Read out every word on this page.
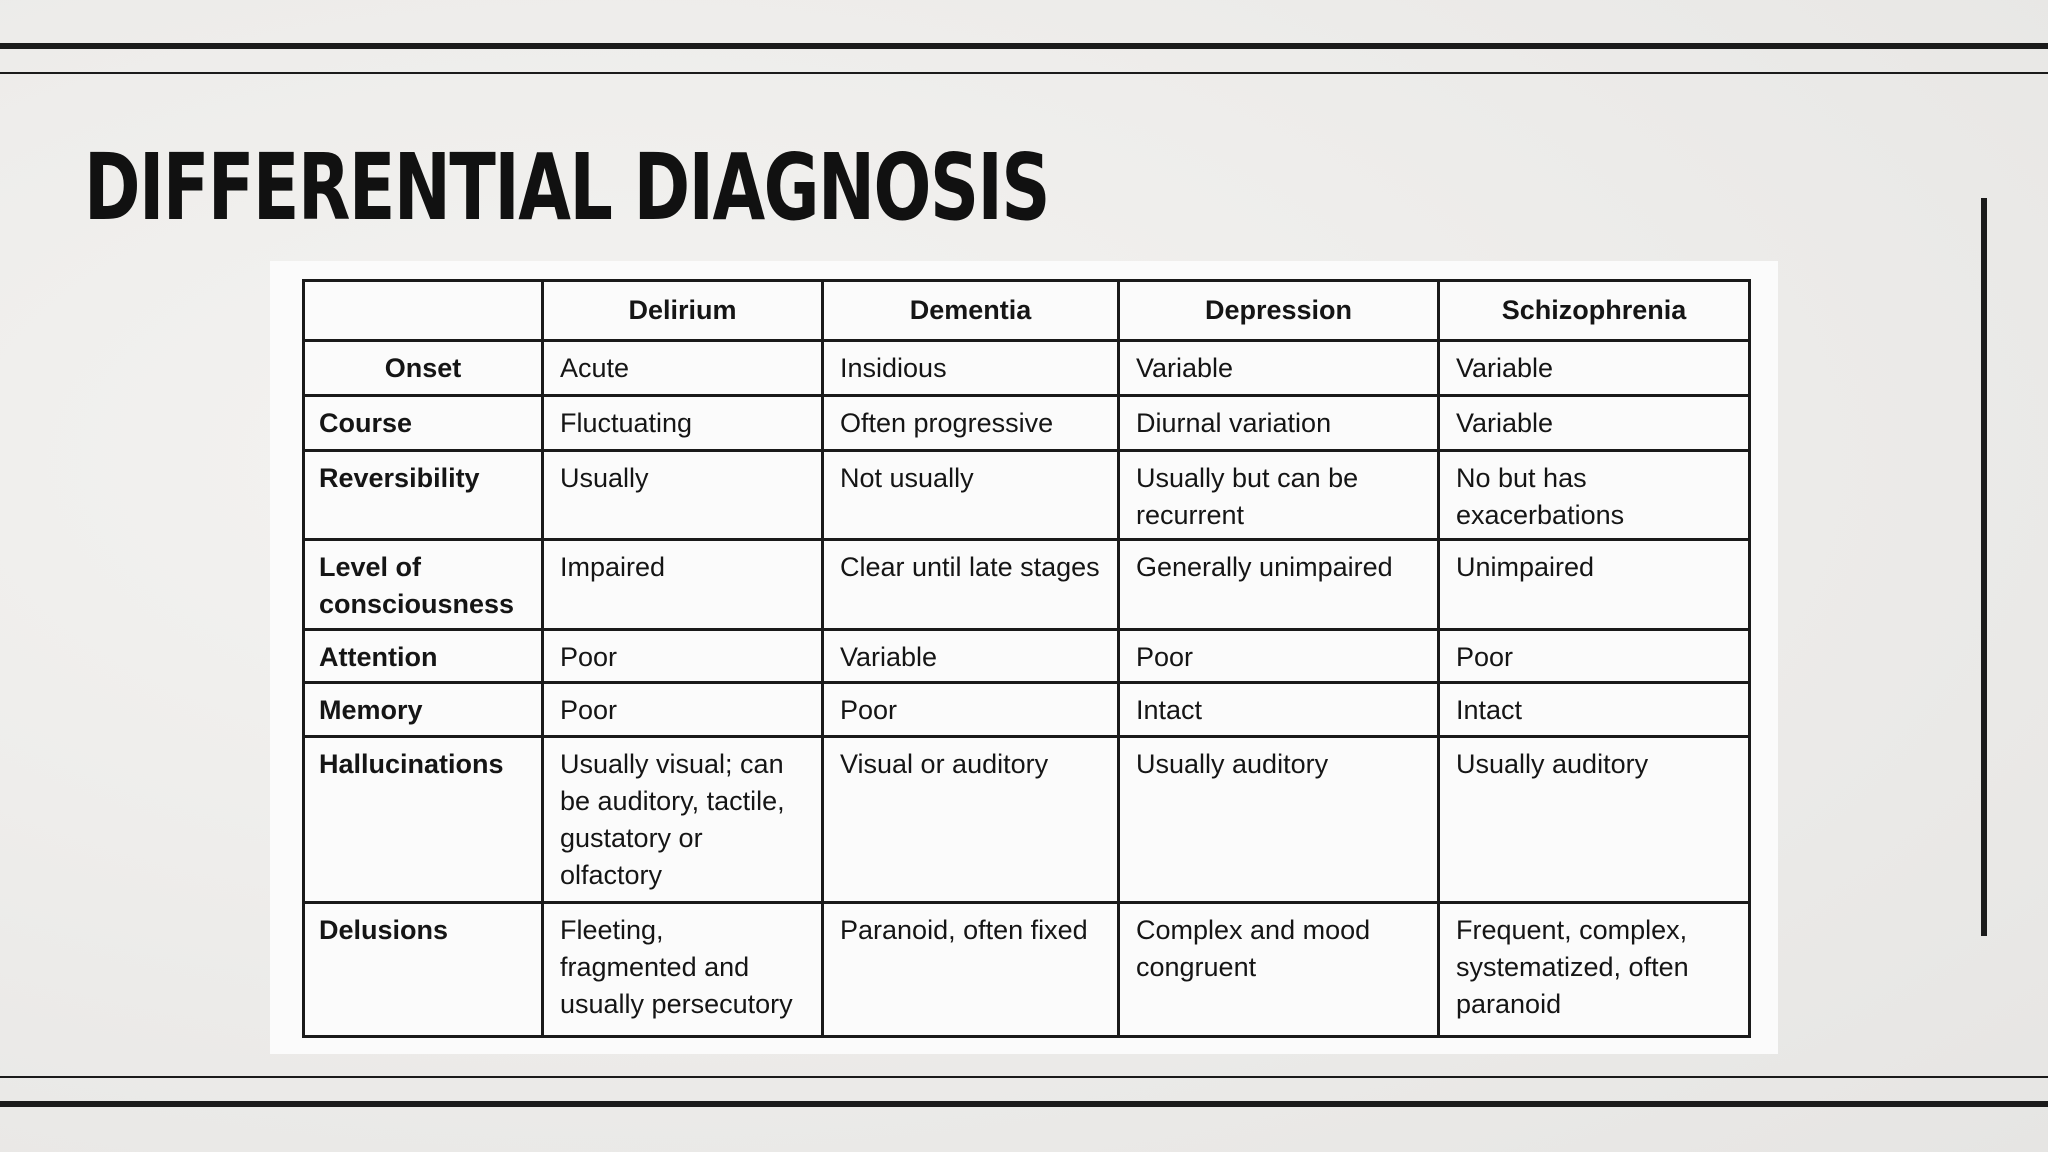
DIFFERENTIAL DIAGNOSIS
	Delirium	Dementia	Depression	Schizophrenia
Onset	Acute	Insidious	Variable	Variable
Course	Fluctuating	Often progressive	Diurnal variation	Variable
Reversibility	Usually	Not usually	Usually but can be recurrent	No but has exacerbations
Level of consciousness	Impaired	Clear until late stages	Generally unimpaired	Unimpaired
Attention	Poor	Variable	Poor	Poor
Memory	Poor	Poor	Intact	Intact
Hallucinations	Usually visual; can be auditory, tactile, gustatory or olfactory	Visual or auditory	Usually auditory	Usually auditory
Delusions	Fleeting, fragmented and usually persecutory	Paranoid, often fixed	Complex and mood congruent	Frequent, complex, systematized, often paranoid
